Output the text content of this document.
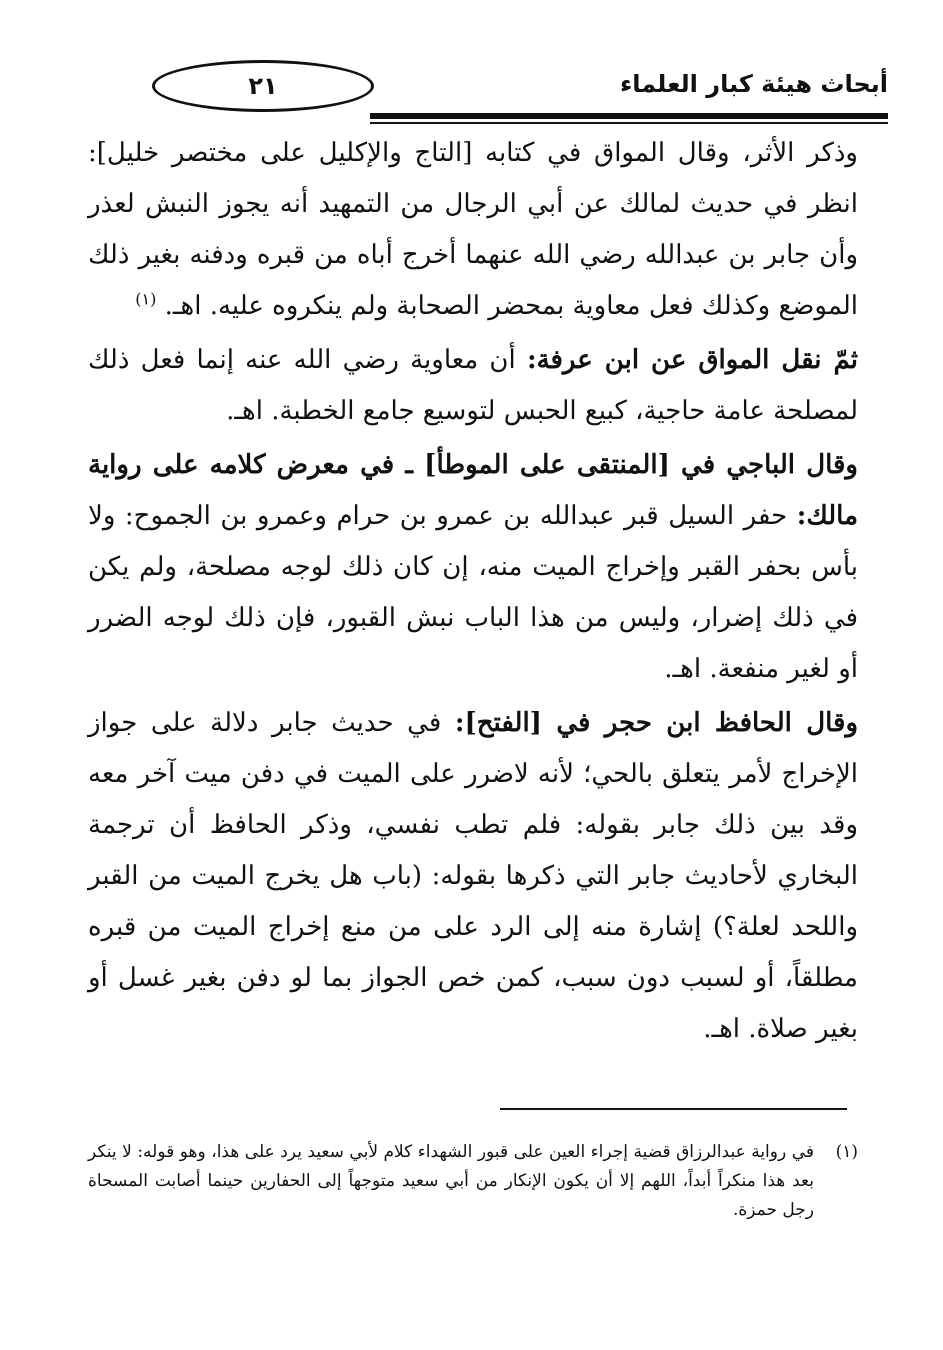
٢١	أبحاث هيئة كبار العلماء

وذكر الأثر، وقال المواق في كتابه [التاج والإكليل على مختصر خليل]: انظر في حديث لمالك عن أبي الرجال من التمهيد أنه يجوز النبش لعذر وأن جابر بن عبدالله رضي الله عنهما أخرج أباه من قبره ودفنه بغير ذلك الموضع وكذلك فعل معاوية بمحضر الصحابة ولم ينكروه عليه. اهـ. $^{(١)}$

ثمّ نقل المواق عن ابن عرفة: أن معاوية رضي الله عنه إنما فعل ذلك لمصلحة عامة حاجية، كبيع الحبس لتوسيع جامع الخطبة. اهـ.

وقال الباجي في [المنتقى على الموطأ] ـ في معرض كلامه على رواية مالك: حفر السيل قبر عبدالله بن عمرو بن حرام وعمرو بن الجموح: ولا بأس بحفر القبر وإخراج الميت منه، إن كان ذلك لوجه مصلحة، ولم يكن في ذلك إضرار، وليس من هذا الباب نبش القبور، فإن ذلك لوجه الضرر أو لغير منفعة. اهـ.

وقال الحافظ ابن حجر في [الفتح]: في حديث جابر دلالة على جواز الإخراج لأمر يتعلق بالحي؛ لأنه لاضرر على الميت في دفن ميت آخر معه وقد بين ذلك جابر بقوله: فلم تطب نفسي، وذكر الحافظ أن ترجمة البخاري لأحاديث جابر التي ذكرها بقوله: (باب هل يخرج الميت من القبر واللحد لعلة؟) إشارة منه إلى الرد على من منع إخراج الميت من قبره مطلقاً، أو لسبب دون سبب، كمن خص الجواز بما لو دفن بغير غسل أو بغير صلاة. اهـ.

(١)
في رواية عبدالرزاق قضية إجراء العين على قبور الشهداء كلام لأبي سعيد يرد على هذا، وهو قوله: لا ينكر بعد هذا منكراً أبداً، اللهم إلا أن يكون الإنكار من أبي سعيد متوجهاً إلى الحفارين حينما أصابت المسحاة رجل حمزة.
